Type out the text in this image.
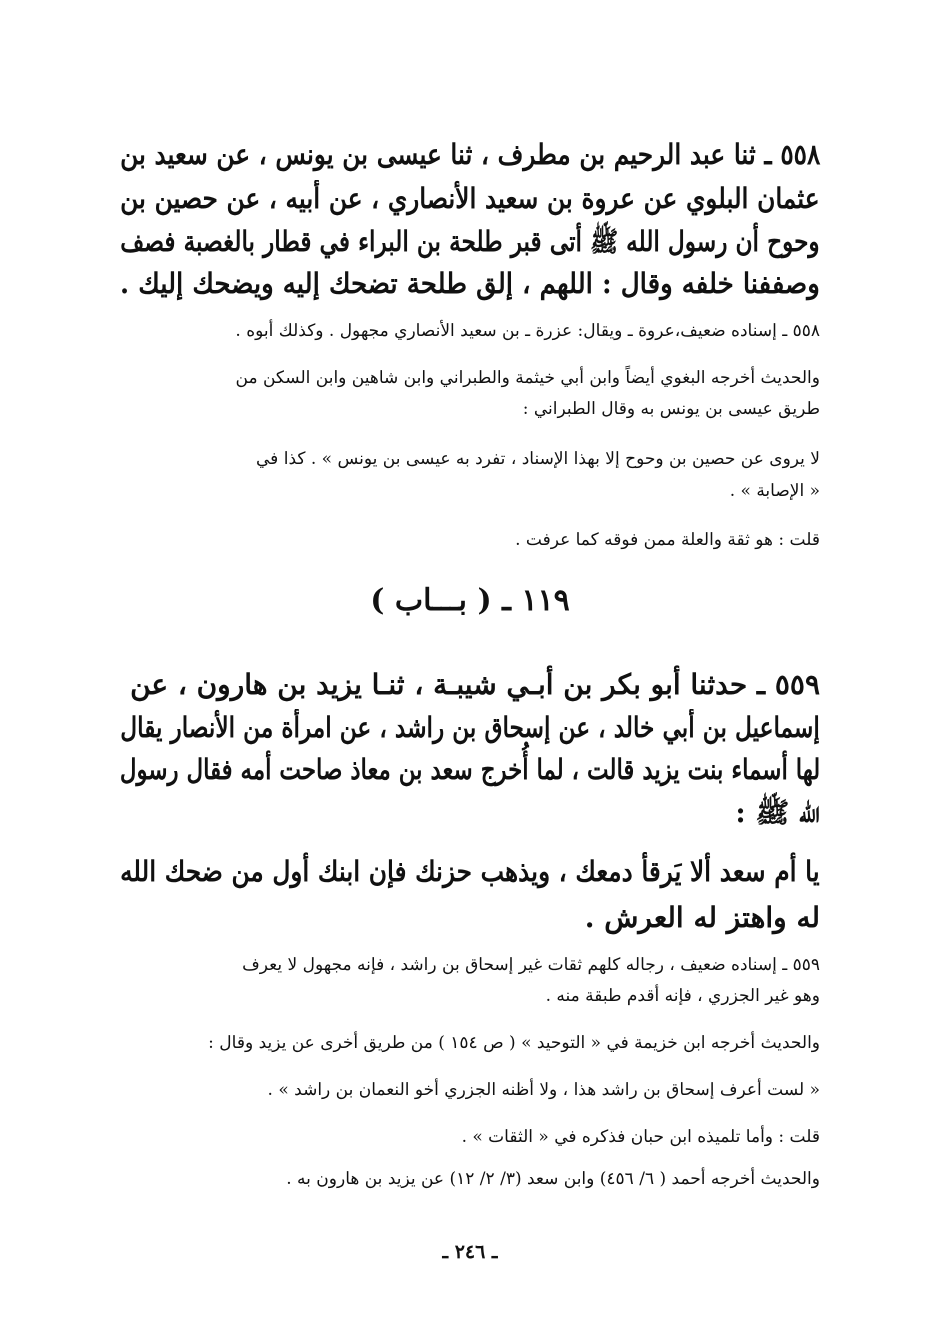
٥٥٨ ـ ثنا عبد الرحيم بن مطرف ، ثنا عيسى بن يونس ، عن سعيد بن
عثمان البلوي عن عروة بن سعيد الأنصاري ، عن أبيه ، عن حصين بن
وحوح أن رسول الله ﷺ أتى قبر طلحة بن البراء في قطار بالغصبة فصف
وصففنا خلفه وقال : اللهم ، إلق طلحة تضحك إليه ويضحك إليك .
٥٥٨ ـ إسناده ضعيف،عروة ـ ويقال: عزرة ـ بن سعيد الأنصاري مجهول . وكذلك أبوه .
والحديث أخرجه البغوي أيضاً وابن أبي خيثمة والطبراني وابن شاهين وابن السكن من
طريق عيسى بن يونس به وقال الطبراني :
لا يروى عن حصين بن وحوح إلا بهذا الإسناد ، تفرد به عيسى بن يونس » . كذا في
« الإصابة » .
قلت : هو ثقة والعلة ممن فوقه كما عرفت .
١١٩ ـ ( بـــاب )
٥٥٩ ـ حدثنا أبو بكر بن أبـي شيبـة ، ثنـا يزيد بن هارون ، عن
إسماعيل بن أبي خالد ، عن إسحاق بن راشد ، عن امرأة من الأنصار يقال
لها أسماء بنت يزيد قالت ، لما أُخرج سعد بن معاذ صاحت أمه فقال رسول
الله ﷺ :
يا أم سعد ألا يَرقأ دمعك ، ويذهب حزنك فإن ابنك أول من ضحك الله
له واهتز له العرش .
٥٥٩ ـ إسناده ضعيف ، رجاله كلهم ثقات غير إسحاق بن راشد ، فإنه مجهول لا يعرف
وهو غير الجزري ، فإنه أقدم طبقة منه .
والحديث أخرجه ابن خزيمة في « التوحيد » ( ص ١٥٤ ) من طريق أخرى عن يزيد وقال :
« لست أعرف إسحاق بن راشد هذا ، ولا أظنه الجزري أخو النعمان بن راشد » .
قلت : وأما تلميذه ابن حبان فذكره في « الثقات » .
والحديث أخرجه أحمد ( ٦/ ٤٥٦) وابن سعد (٣/ ٢/ ١٢) عن يزيد بن هارون به .
ـ ٢٤٦ ـ
